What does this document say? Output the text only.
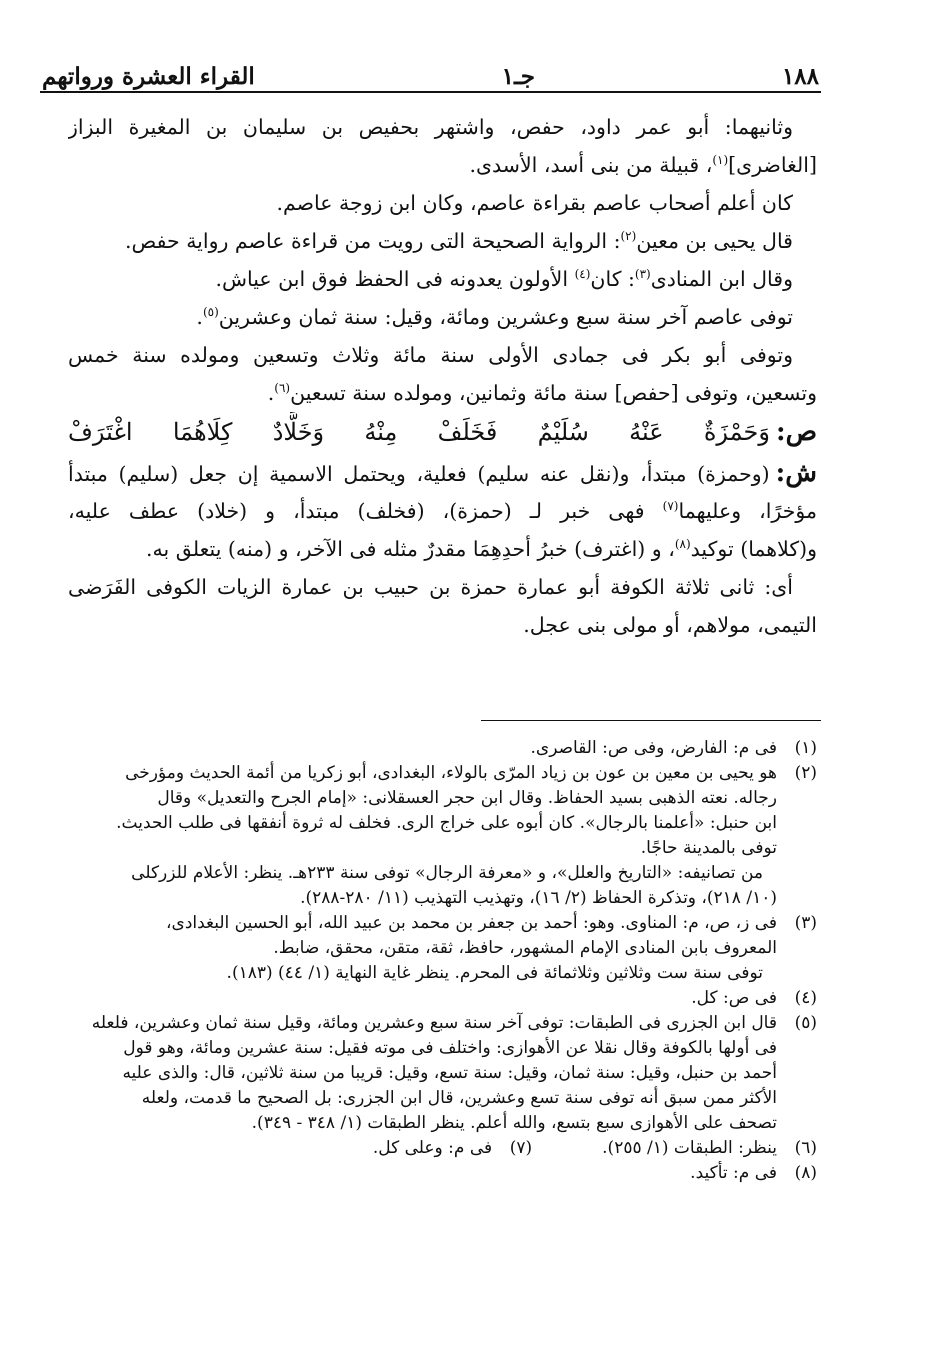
١٨٨
جـ١
القراء العشرة ورواتهم
وثانيهما: أبو عمر داود، حفص، واشتهر بحفيص بن سليمان بن المغيرة البزاز
[الغاضرى]$^{(١)}$، قبيلة من بنى أسد، الأسدى.
كان أعلم أصحاب عاصم بقراءة عاصم، وكان ابن زوجة عاصم.
قال يحيى بن معين$^{(٢)}$: الرواية الصحيحة التى رويت من قراءة عاصم رواية حفص.
وقال ابن المنادى$^{(٣)}$: كان$^{(٤)}$ الأولون يعدونه فى الحفظ فوق ابن عياش.
توفى عاصم آخر سنة سبع وعشرين ومائة، وقيل: سنة ثمان وعشرين$^{(٥)}$.
وتوفى أبو بكر فى جمادى الأولى سنة مائة وثلاث وتسعين ومولده سنة خمس
وتسعين، وتوفى [حفص] سنة مائة وثمانين، ومولده سنة تسعين$^{(٦)}$.
ص:وَحَمْزَةٌ عَنْهُ سُلَيْمٌ فَخَلَفْ مِنْهُ وَخَلَّادٌ كِلَاهُمَا اغْتَرَفْ
ش:(وحمزة) مبتدأ، و(نقل عنه سليم) فعلية، ويحتمل الاسمية إن جعل (سليم) مبتدأ
مؤخرًا، وعليهما$^{(٧)}$ فهى خبر لـ (حمزة)، (فخلف) مبتدأ، و (خلاد) عطف عليه،
و(كلاهما) توكيد$^{(٨)}$، و (اغترف) خبرُ أحدِهِمَا مقدرٌ مثله فى الآخر، و (منه) يتعلق به.
أى: ثانى ثلاثة الكوفة أبو عمارة حمزة بن حبيب بن عمارة الزيات الكوفى الفَرَضى
التيمى، مولاهم، أو مولى بنى عجل.
(١)
فى م: الفارض، وفى ص: القاصرى.
(٢)
هو يحيى بن معين بن عون بن زياد المرّى بالولاء، البغدادى، أبو زكريا من أئمة الحديث ومؤرخى
رجاله. نعته الذهبى بسيد الحفاظ. وقال ابن حجر العسقلانى: «إمام الجرح والتعديل» وقال
ابن حنبل: «أعلمنا بالرجال». كان أبوه على خراج الرى. فخلف له ثروة أنفقها فى طلب الحديث.
توفى بالمدينة حاجًا.
من تصانيفه: «التاريخ والعلل»، و «معرفة الرجال» توفى سنة ٢٣٣هـ. ينظر: الأعلام للزركلى
(١٠/ ٢١٨)، وتذكرة الحفاظ (٢/ ١٦)، وتهذيب التهذيب (١١/ ٢٨٠-٢٨٨).
(٣)
فى ز، ص، م: المناوى. وهو: أحمد بن جعفر بن محمد بن عبيد الله، أبو الحسين البغدادى،
المعروف بابن المنادى الإمام المشهور، حافظ، ثقة، متقن، محقق، ضابط.
توفى سنة ست وثلاثين وثلاثمائة فى المحرم. ينظر غاية النهاية (١/ ٤٤) (١٨٣).
(٤)
فى ص: كل.
(٥)
قال ابن الجزرى فى الطبقات: توفى آخر سنة سبع وعشرين ومائة، وقيل سنة ثمان وعشرين، فلعله
فى أولها بالكوفة وقال نقلا عن الأهوازى: واختلف فى موته فقيل: سنة عشرين ومائة، وهو قول
أحمد بن حنبل، وقيل: سنة ثمان، وقيل: سنة تسع، وقيل: قريبا من سنة ثلاثين، قال: والذى عليه
الأكثر ممن سبق أنه توفى سنة تسع وعشرين، قال ابن الجزرى: بل الصحيح ما قدمت، ولعله
تصحف على الأهوازى سبع بتسع، والله أعلم. ينظر الطبقات (١/ ٣٤٨ - ٣٤٩).
(٦)
ينظر: الطبقات (١/ ٢٥٥).
(٧)
فى م: وعلى كل.
(٨)
فى م: تأكيد.
